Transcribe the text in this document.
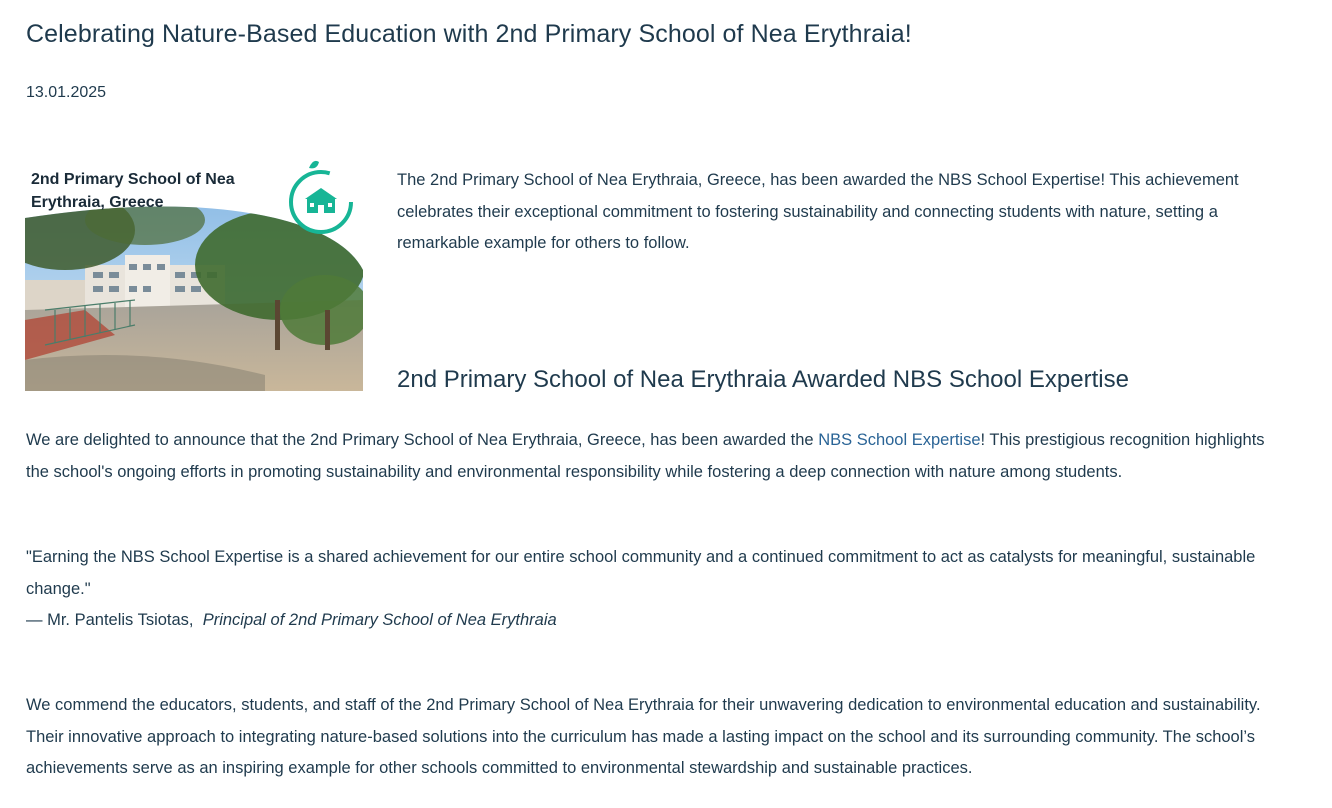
Celebrating Nature-Based Education with 2nd Primary School of Nea Erythraia!
13.01.2025
2nd Primary School of Nea Erythraia, Greece
The 2nd Primary School of Nea Erythraia, Greece, has been awarded the NBS School Expertise! This achievement celebrates their exceptional commitment to fostering sustainability and connecting students with nature, setting a remarkable example for others to follow.
2nd Primary School of Nea Erythraia Awarded NBS School Expertise

We are delighted to announce that the 2nd Primary School of Nea Erythraia, Greece, has been awarded the NBS School Expertise! This prestigious recognition highlights the school's ongoing efforts in promoting sustainability and environmental responsibility while fostering a deep connection with nature among students.

"Earning the NBS School Expertise is a shared achievement for our entire school community and a continued commitment to act as catalysts for meaningful, sustainable change."
— Mr. Pantelis Tsiotas, Principal of 2nd Primary School of Nea Erythraia

We commend the educators, students, and staff of the 2nd Primary School of Nea Erythraia for their unwavering dedication to environmental education and sustainability. Their innovative approach to integrating nature-based solutions into the curriculum has made a lasting impact on the school and its surrounding community. The school’s achievements serve as an inspiring example for other schools committed to environmental stewardship and sustainable practices.
